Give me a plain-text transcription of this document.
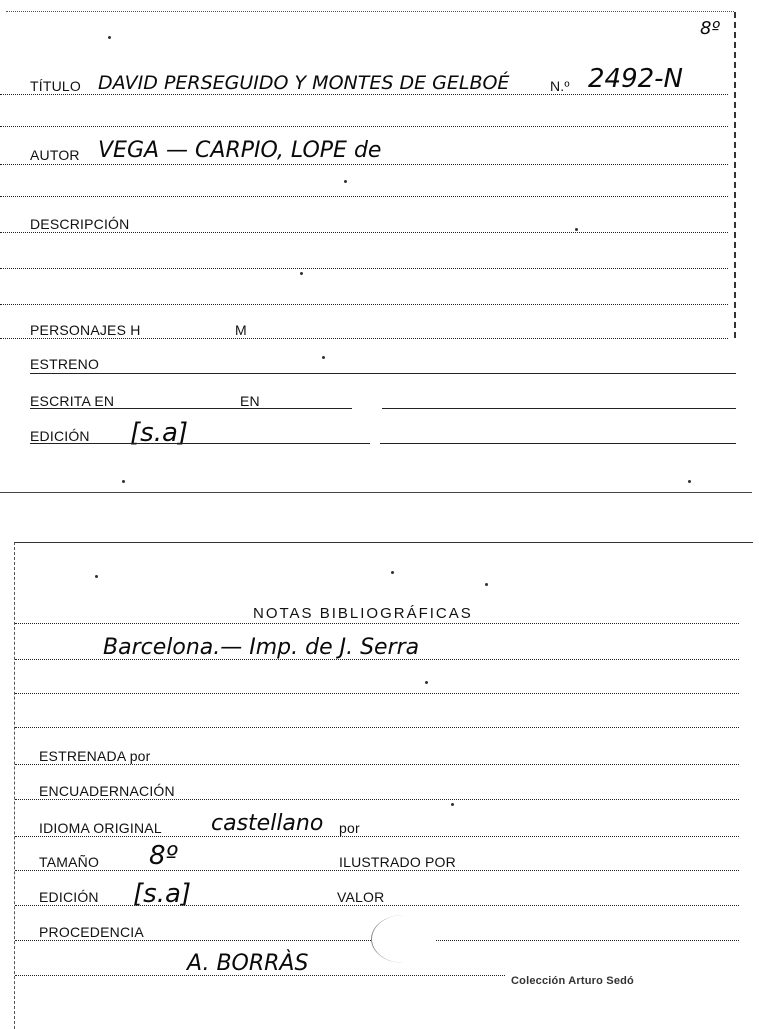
8º
TÍTULO DAVID PERSEGUIDO Y MONTES DE GELBOÉ	N.º 2492-N
AUTOR VEGA — CARPIO, LOPE de
DESCRIPCIÓN
PERSONAJES H	M
ESTRENO
ESCRITA EN	EN
EDICIÓN [s.a]
NOTAS BIBLIOGRÁFICAS
Barcelona.— Imp. de J. Serra
ESTRENADA por
ENCUADERNACIÓN
IDIOMA ORIGINAL castellano por
TAMAÑO 8º	ILUSTRADO POR
EDICIÓN [s.a]	VALOR
PROCEDENCIA
A. BORRÀS
Colección Arturo Sedó
